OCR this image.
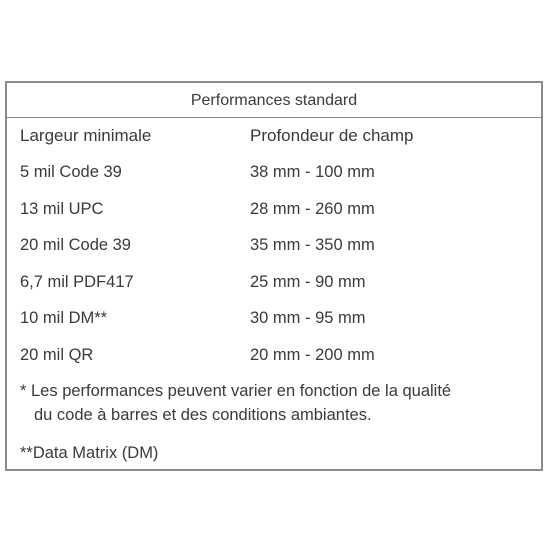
Performances standard
Largeur minimale	Profondeur de champ
5 mil Code 39	38 mm - 100 mm
13 mil UPC	28 mm - 260 mm
20 mil Code 39	35 mm - 350 mm
6,7 mil PDF417	25 mm - 90 mm
10 mil DM**	30 mm - 95 mm
20 mil QR	20 mm - 200 mm
* Les performances peuvent varier en fonction de la qualité
du code à barres et des conditions ambiantes.
**Data Matrix (DM)
